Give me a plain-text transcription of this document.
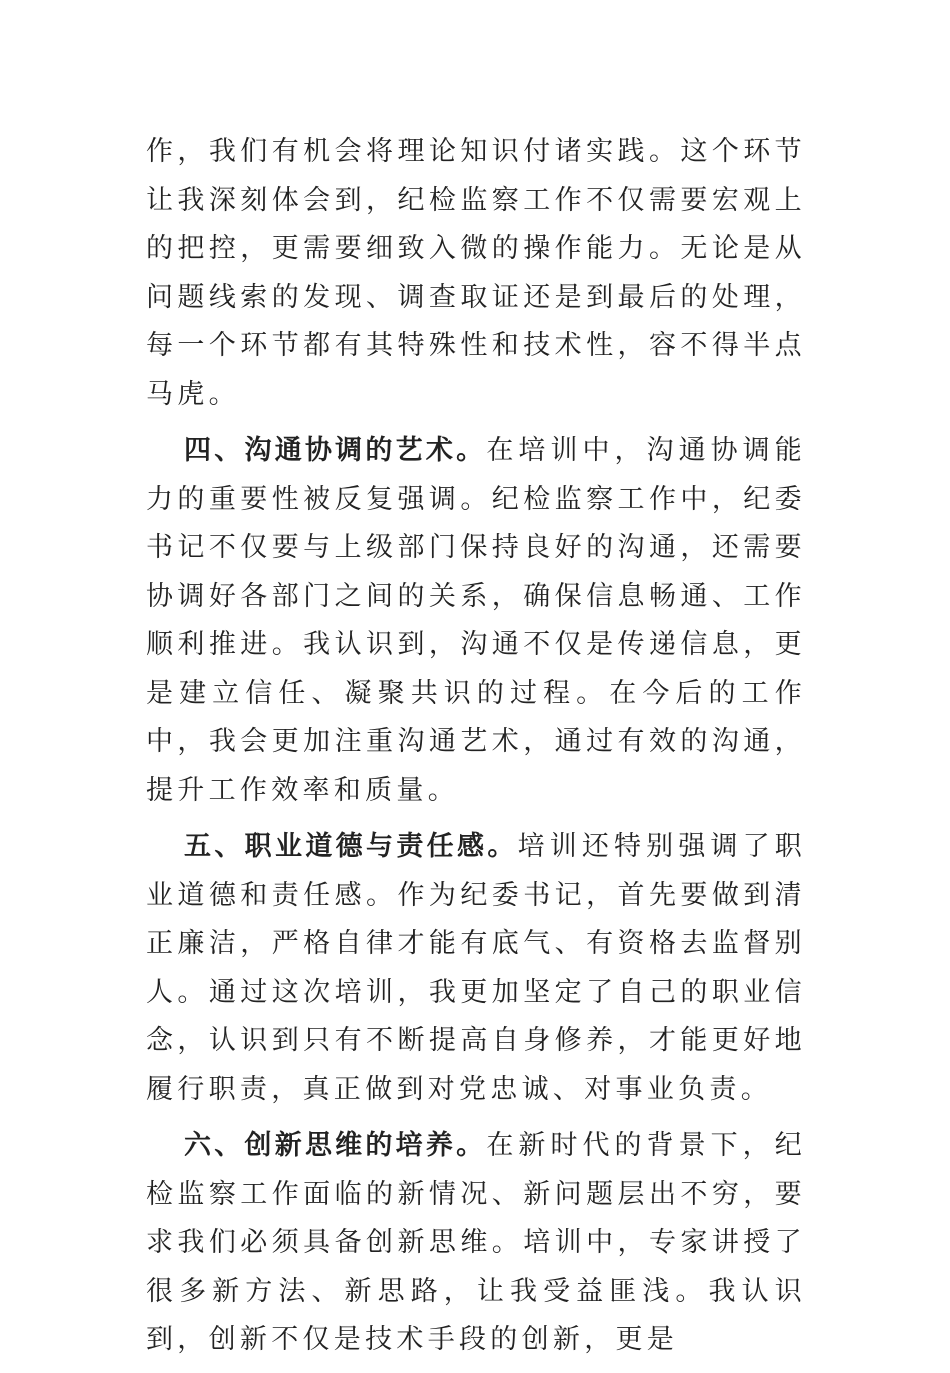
作，我们有机会将理论知识付诸实践。这个环节让我深刻体会到，纪检监察工作不仅需要宏观上的把控，更需要细致入微的操作能力。无论是从问题线索的发现、调查取证还是到最后的处理，每一个环节都有其特殊性和技术性，容不得半点马虎。

四、沟通协调的艺术。在培训中，沟通协调能力的重要性被反复强调。纪检监察工作中，纪委书记不仅要与上级部门保持良好的沟通，还需要协调好各部门之间的关系，确保信息畅通、工作顺利推进。我认识到，沟通不仅是传递信息，更是建立信任、凝聚共识的过程。在今后的工作中，我会更加注重沟通艺术，通过有效的沟通，提升工作效率和质量。

五、职业道德与责任感。培训还特别强调了职业道德和责任感。作为纪委书记，首先要做到清正廉洁，严格自律才能有底气、有资格去监督别人。通过这次培训，我更加坚定了自己的职业信念，认识到只有不断提高自身修养，才能更好地履行职责，真正做到对党忠诚、对事业负责。

六、创新思维的培养。在新时代的背景下，纪检监察工作面临的新情况、新问题层出不穷，要求我们必须具备创新思维。培训中，专家讲授了很多新方法、新思路，让我受益匪浅。我认识到，创新不仅是技术手段的创新，更是
